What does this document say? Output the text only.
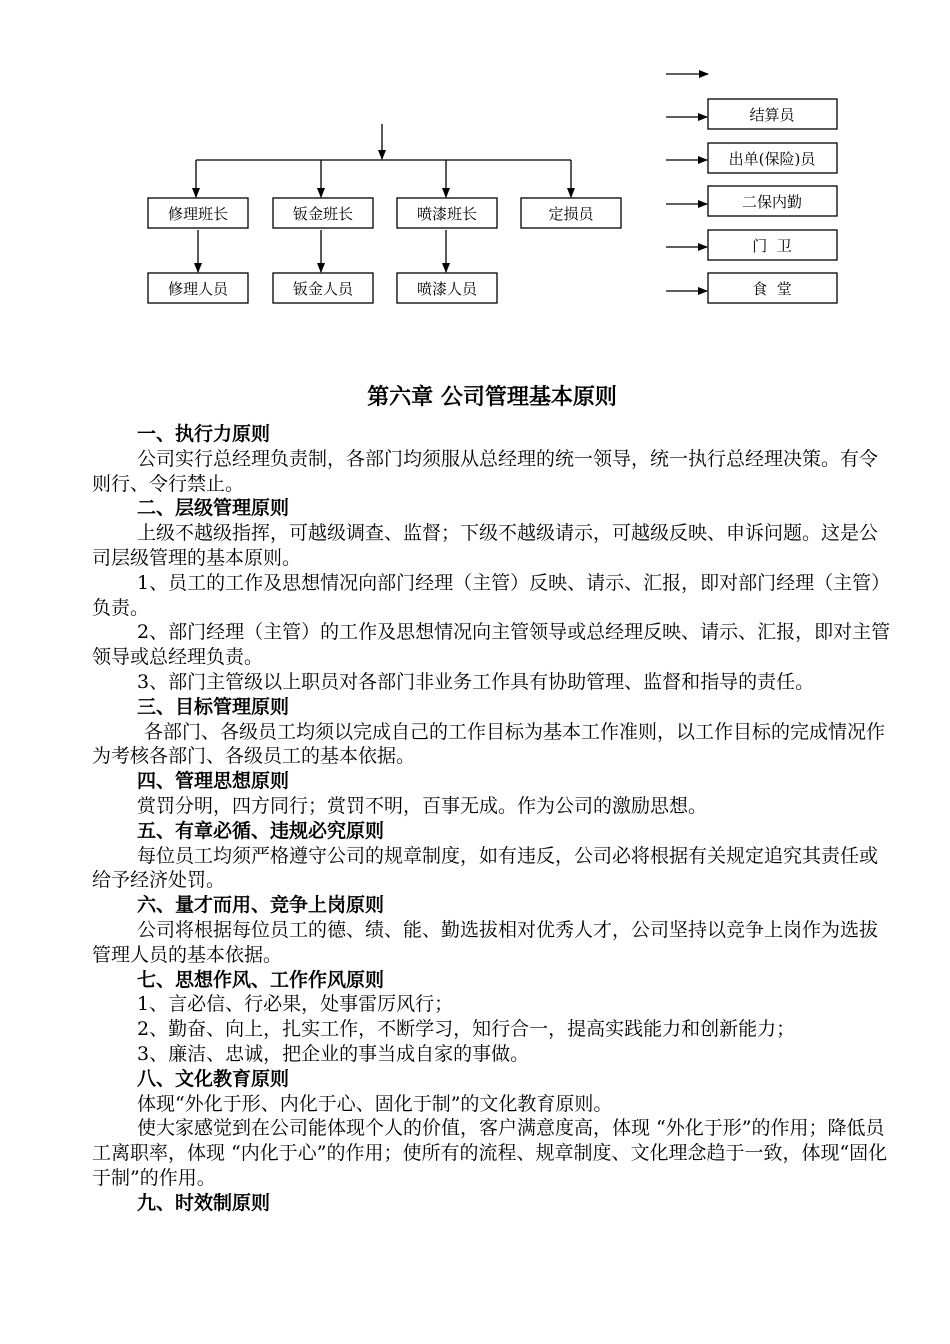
修理班长	钣金班长	喷漆班长	定损员
修理人员	钣金人员	喷漆人员
结算员
出单(保险)员
二保内勤
门  卫
食  堂
第六章 公司管理基本原则
一、执行力原则

公司实行总经理负责制，各部门均须服从总经理的统一领导，统一执行总经理决策。有令则行、令行禁止。

二、层级管理原则

上级不越级指挥，可越级调查、监督；下级不越级请示，可越级反映、申诉问题。这是公司层级管理的基本原则。

1、员工的工作及思想情况向部门经理（主管）反映、请示、汇报，即对部门经理（主管）负责。

2、部门经理（主管）的工作及思想情况向主管领导或总经理反映、请示、汇报，即对主管领导或总经理负责。

3、部门主管级以上职员对各部门非业务工作具有协助管理、监督和指导的责任。

三、目标管理原则

各部门、各级员工均须以完成自己的工作目标为基本工作准则，以工作目标的完成情况作为考核各部门、各级员工的基本依据。

四、管理思想原则

赏罚分明，四方同行；赏罚不明，百事无成。作为公司的激励思想。

五、有章必循、违规必究原则

每位员工均须严格遵守公司的规章制度，如有违反，公司必将根据有关规定追究其责任或给予经济处罚。

六、量才而用、竞争上岗原则

公司将根据每位员工的德、绩、能、勤选拔相对优秀人才，公司坚持以竞争上岗作为选拔管理人员的基本依据。

七、思想作风、工作作风原则

1、言必信、行必果，处事雷厉风行；

2、勤奋、向上，扎实工作，不断学习，知行合一，提高实践能力和创新能力；

3、廉洁、忠诚，把企业的事当成自家的事做。

八、文化教育原则

体现“外化于形、内化于心、固化于制”的文化教育原则。

使大家感觉到在公司能体现个人的价值，客户满意度高，体现 “外化于形”的作用；降低员工离职率，体现 “内化于心”的作用；使所有的流程、规章制度、文化理念趋于一致，体现“固化于制”的作用。

九、时效制原则
